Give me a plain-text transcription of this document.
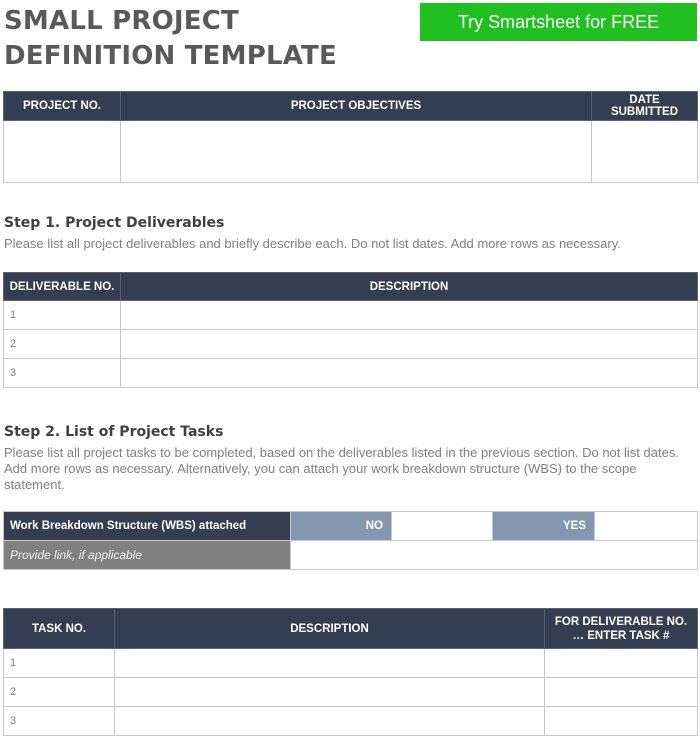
SMALL PROJECT DEFINITION TEMPLATE
Try Smartsheet for FREE
PROJECT NO.	PROJECT OBJECTIVES	DATE SUBMITTED

Step 1. Project Deliverables
Please list all project deliverables and briefly describe each. Do not list dates. Add more rows as necessary.
DELIVERABLE NO.	DESCRIPTION
1	
2	
3	
Step 2. List of Project Tasks
Please list all project tasks to be completed, based on the deliverables listed in the previous section. Do not list dates. Add more rows as necessary. Alternatively, you can attach your work breakdown structure (WBS) to the scope statement.
Work Breakdown Structure (WBS) attached	NO		YES	
Provide link, if applicable				
TASK NO.	DESCRIPTION	FOR DELIVERABLE NO. … ENTER TASK #
1		
2		
3		
